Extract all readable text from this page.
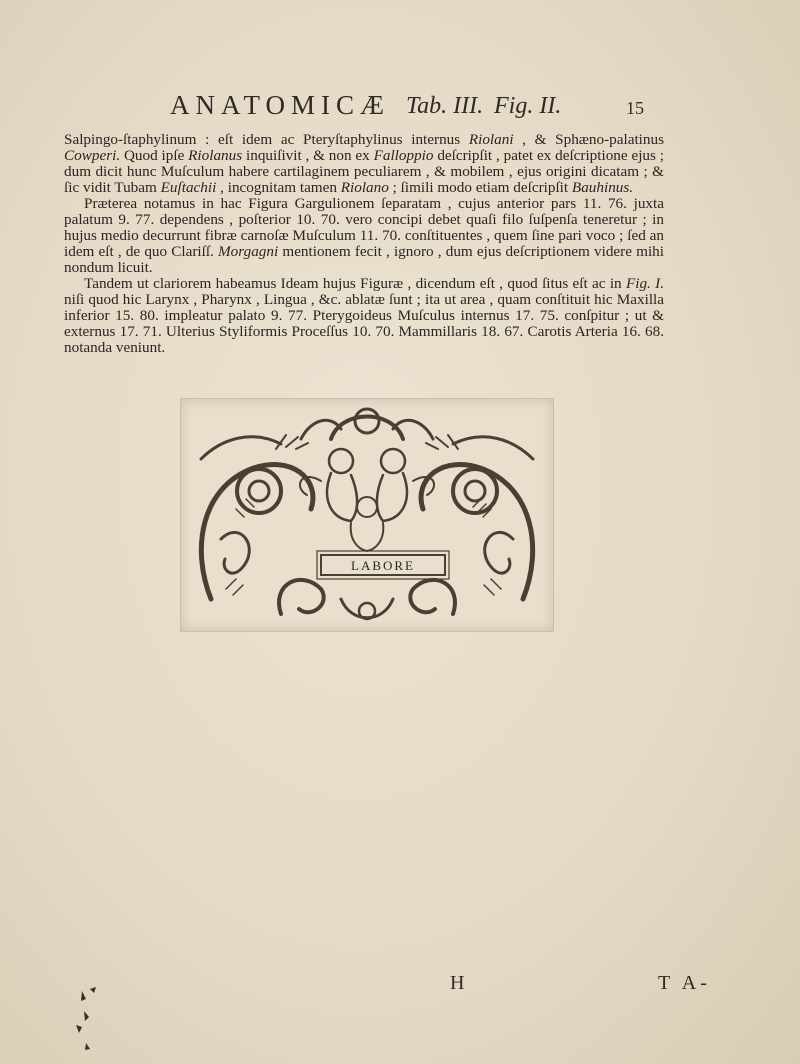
ANATOMICÆ Tab. III. Fig. II.	15

Salpingo-ſtaphylinum : eſt idem ac Pteryſtaphylinus internus Riolani , & Sphæno-palatinus Cowperi. Quod ipſe Riolanus inquiſivit , & non ex Falloppio deſcripſit , patet ex deſcriptione ejus ; dum dicit hunc Muſculum habere cartilaginem peculiarem , & mobilem , ejus origini dicatam ; & ſic vidit Tubam Euſtachii , incognitam tamen Riolano ; ſimili modo etiam deſcripſit Bauhinus.

Præterea notamus in hac Figura Gargulionem ſeparatam , cujus anterior pars 11. 76. juxta palatum 9. 77. dependens , poſterior 10. 70. vero concipi debet quaſi filo ſuſpenſa teneretur ; in hujus medio decurrunt fibræ carnoſæ Muſculum 11. 70. conſtituentes , quem ſine pari voco ; ſed an idem eſt , de quo Clariſſ. Morgagni mentionem fecit , ignoro , dum ejus deſcriptionem videre mihi nondum licuit.

Tandem ut clariorem habeamus Ideam hujus Figuræ , dicendum eſt , quod ſitus eſt ac in Fig. I. niſi quod hic Larynx , Pharynx , Lingua , &c. ablatæ ſunt ; ita ut area , quam conſtituit hic Maxilla inferior 15. 80. impleatur palato 9. 77. Pterygoideus Muſculus internus 17. 75. conſpitur ; ut & externus 17. 71. Ulterius Styliformis Proceſſus 10. 70. Mammillaris 18. 67. Carotis Arteria 16. 68. notanda veniunt.

LABORE
H	T A-
